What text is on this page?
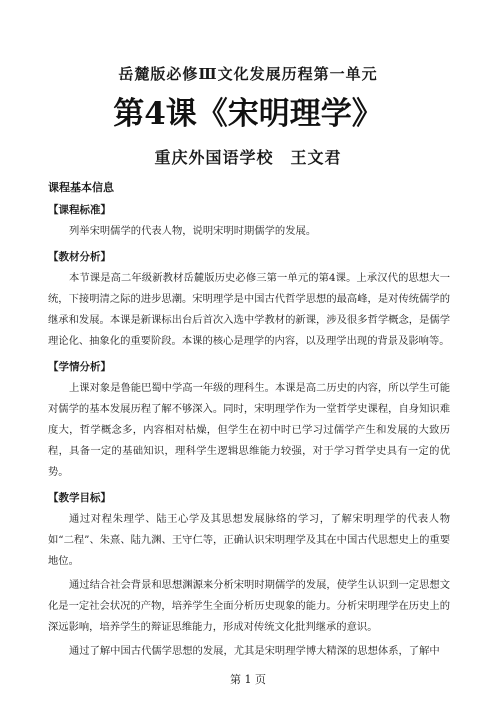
岳麓版必修Ⅲ文化发展历程第一单元
第4课《宋明理学》
重庆外国语学校　王文君

课程基本信息

【课程标准】

列举宋明儒学的代表人物，说明宋明时期儒学的发展。

【教材分析】

本节课是高二年级新教材岳麓版历史必修三第一单元的第4课。上承汉代的思想大一统，下接明清之际的进步思潮。宋明理学是中国古代哲学思想的最高峰，是对传统儒学的继承和发展。本课是新课标出台后首次入选中学教材的新课，涉及很多哲学概念，是儒学理论化、抽象化的重要阶段。本课的核心是理学的内容，以及理学出现的背景及影响等。

【学情分析】

上课对象是鲁能巴蜀中学高一年级的理科生。本课是高二历史的内容，所以学生可能对儒学的基本发展历程了解不够深入。同时，宋明理学作为一堂哲学史课程，自身知识难度大，哲学概念多，内容相对枯燥，但学生在初中时已学习过儒学产生和发展的大致历程，具备一定的基础知识，理科学生逻辑思维能力较强，对于学习哲学史具有一定的优势。

【教学目标】

通过对程朱理学、陆王心学及其思想发展脉络的学习，了解宋明理学的代表人物如“二程”、朱熹、陆九渊、王守仁等，正确认识宋明理学及其在中国古代思想史上的重要地位。

通过结合社会背景和思想渊源来分析宋明时期儒学的发展，使学生认识到一定思想文化是一定社会状况的产物，培养学生全面分析历史现象的能力。分析宋明理学在历史上的深远影响，培养学生的辩证思维能力，形成对传统文化批判继承的意识。

通过了解中国古代儒学思想的发展，尤其是宋明理学博大精深的思想体系，了解中

第 1 页
